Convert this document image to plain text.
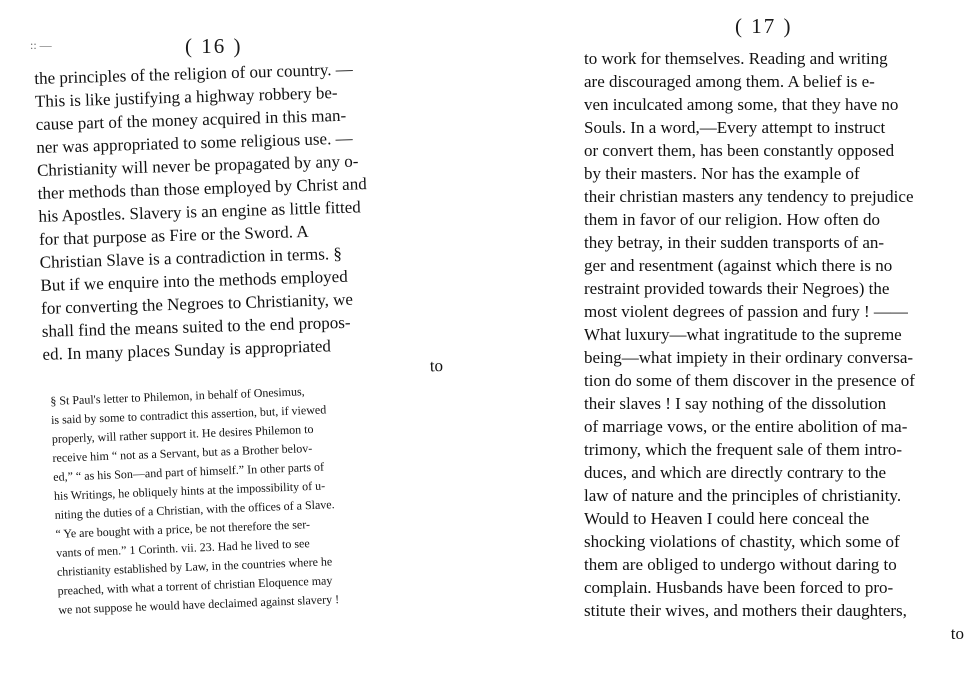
:: —	( 16 )
the principles of the religion of our country. —
This is like justifying a highway robbery be-
cause part of the money acquired in this man-
ner was appropriated to some religious use. —
Christianity will never be propagated by any o-
ther methods than those employed by Christ and
his Apostles. Slavery is an engine as little fitted
for that purpose as Fire or the Sword. A
Christian Slave is a contradiction in terms. §
But if we enquire into the methods employed
for converting the Negroes to Christianity, we
shall find the means suited to the end propos-
ed. In many places Sunday is appropriated
to
§ St Paul's letter to Philemon, in behalf of Onesimus,
is said by some to contradict this assertion, but, if viewed
properly, will rather support it. He desires Philemon to
receive him “ not as a Servant, but as a Brother belov-
ed,” “ as his Son—and part of himself.” In other parts of
his Writings, he obliquely hints at the impossibility of u-
niting the duties of a Christian, with the offices of a Slave.
“ Ye are bought with a price, be not therefore the ser-
vants of men.” 1 Corinth. vii. 23. Had he lived to see
christianity established by Law, in the countries where he
preached, with what a torrent of christian Eloquence may
we not suppose he would have declaimed against slavery !
( 17 )
to work for themselves. Reading and writing
are discouraged among them. A belief is e-
ven inculcated among some, that they have no
Souls. In a word,—Every attempt to instruct
or convert them, has been constantly opposed
by their masters. Nor has the example of
their christian masters any tendency to prejudice
them in favor of our religion. How often do
they betray, in their sudden transports of an-
ger and resentment (against which there is no
restraint provided towards their Negroes) the
most violent degrees of passion and fury ! ——
What luxury—what ingratitude to the supreme
being—what impiety in their ordinary conversa-
tion do some of them discover in the presence of
their slaves ! I say nothing of the dissolution
of marriage vows, or the entire abolition of ma-
trimony, which the frequent sale of them intro-
duces, and which are directly contrary to the
law of nature and the principles of christianity.
Would to Heaven I could here conceal the
shocking violations of chastity, which some of
them are obliged to undergo without daring to
complain. Husbands have been forced to pro-
stitute their wives, and mothers their daughters,
to
